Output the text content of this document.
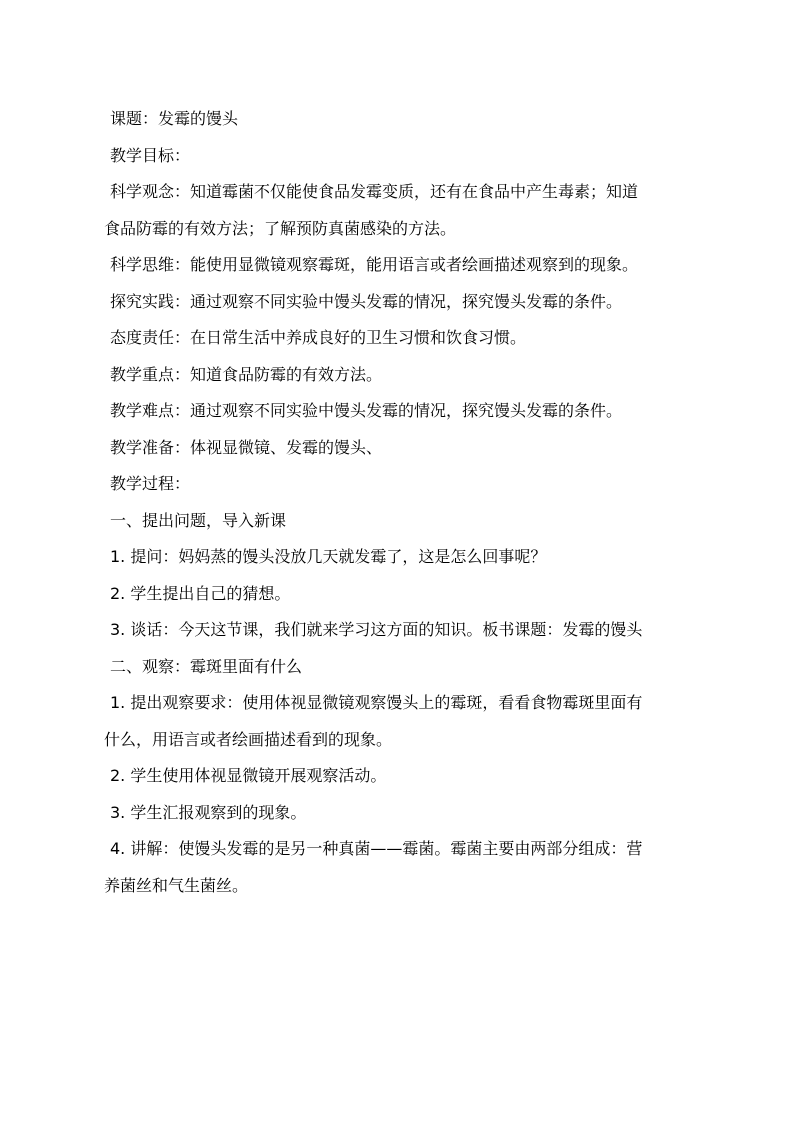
课题：发霉的馒头

教学目标：

科学观念：知道霉菌不仅能使食品发霉变质，还有在食品中产生毒素；知道

食品防霉的有效方法；了解预防真菌感染的方法。

科学思维：能使用显微镜观察霉斑，能用语言或者绘画描述观察到的现象。

探究实践：通过观察不同实验中馒头发霉的情况，探究馒头发霉的条件。

态度责任：在日常生活中养成良好的卫生习惯和饮食习惯。

教学重点：知道食品防霉的有效方法。

教学难点：通过观察不同实验中馒头发霉的情况，探究馒头发霉的条件。

教学准备：体视显微镜、发霉的馒头、

教学过程：

一、提出问题，导入新课

1. 提问：妈妈蒸的馒头没放几天就发霉了，这是怎么回事呢？

2. 学生提出自己的猜想。

3. 谈话：今天这节课，我们就来学习这方面的知识。板书课题：发霉的馒头

二、观察：霉斑里面有什么

1. 提出观察要求：使用体视显微镜观察馒头上的霉斑，看看食物霉斑里面有

什么，用语言或者绘画描述看到的现象。

2. 学生使用体视显微镜开展观察活动。

3. 学生汇报观察到的现象。

4. 讲解：使馒头发霉的是另一种真菌——霉菌。霉菌主要由两部分组成：营

养菌丝和气生菌丝。
